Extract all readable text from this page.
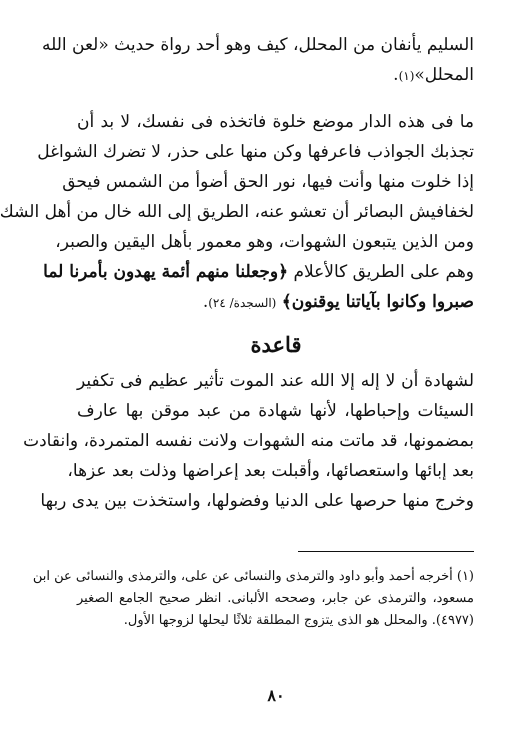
السليم يأنفان من المحلل، كيف وهو أحد رواة حديث «لعن الله
المحلل»(١).
ما فى هذه الدار موضع خلوة فاتخذه فى نفسك، لا بد أن
تجذبك الجواذب فاعرفها وكن منها على حذر، لا تضرك الشواغل
إذا خلوت منها وأنت فيها، نور الحق أضوأ من الشمس فيحق
لخفافيش البصائر أن تعشو عنه، الطريق إلى الله خال من أهل الشك
ومن الذين يتبعون الشهوات، وهو معمور بأهل اليقين والصبر،
وهم على الطريق كالأعلام ﴿وجعلنا منهم أئمة يهدون بأمرنا لما
صبروا وكانوا بآياتنا يوقنون﴾ (السجدة/ ٢٤).
قاعدة
لشهادة أن لا إله إلا الله عند الموت تأثير عظيم فى تكفير
السيئات وإحباطها، لأنها شهادة من عبد موقن بها عارف
بمضمونها، قد ماتت منه الشهوات ولانت نفسه المتمردة، وانقادت
بعد إبائها واستعصائها، وأقبلت بعد إعراضها وذلت بعد عزها،
وخرج منها حرصها على الدنيا وفضولها، واستخذت بين يدى ربها
(١) أخرجه أحمد وأبو داود والترمذى والنسائى عن على، والترمذى والنسائى عن ابن
مسعود، والترمذى عن جابر، وصححه الألبانى. انظر صحيح الجامع الصغير
(٤٩٧٧). والمحلل هو الذى يتزوج المطلقة ثلاثًا ليحلها لزوجها الأول.
٨٠
